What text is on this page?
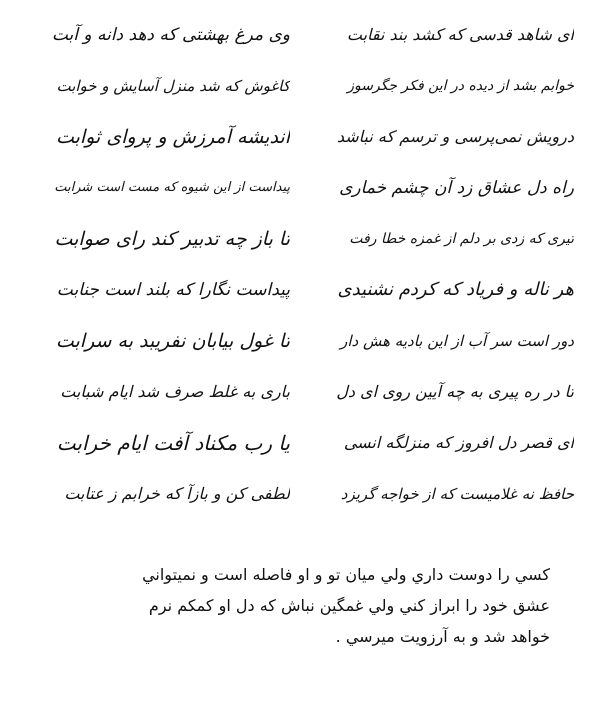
ای شاهد قدسی که کشد بند نقابت
وی مرغ بهشتی که دهد دانه و آبت
خوابم بشد از دیده در این فکر جگرسوز
کاغوش که شد منزل آسایش و خوابت
درویش نمی‌پرسی و ترسم که نباشد
اندیشه آمرزش و پروای ثوابت
راه دل عشاق زد آن چشم خماری
پیداست از این شیوه که مست است شرابت
تیری که زدی بر دلم از غمزه خطا رفت
تا باز چه تدبیر کند رای صوابت
هر ناله و فریاد که کردم نشنیدی
پیداست نگارا که بلند است جنابت
دور است سر آب از این بادیه هش دار
تا غول بیابان نفریبد به سرابت
تا در ره پیری به چه آیین روی ای دل
باری به غلط صرف شد ایام شبابت
ای قصر دل افروز که منزلگه انسی
یا رب مکناد آفت ایام خرابت
حافظ نه غلامیست که از خواجه گریزد
لطفی کن و بازآ که خرابم ز عتابت
كسي را دوست داري ولي ميان تو و او فاصله است و نميتواني
عشق خود را ابراز كني ولي غمگين نباش كه دل او كمكم نرم
خواهد شد و به آرزويت ميرسي .
